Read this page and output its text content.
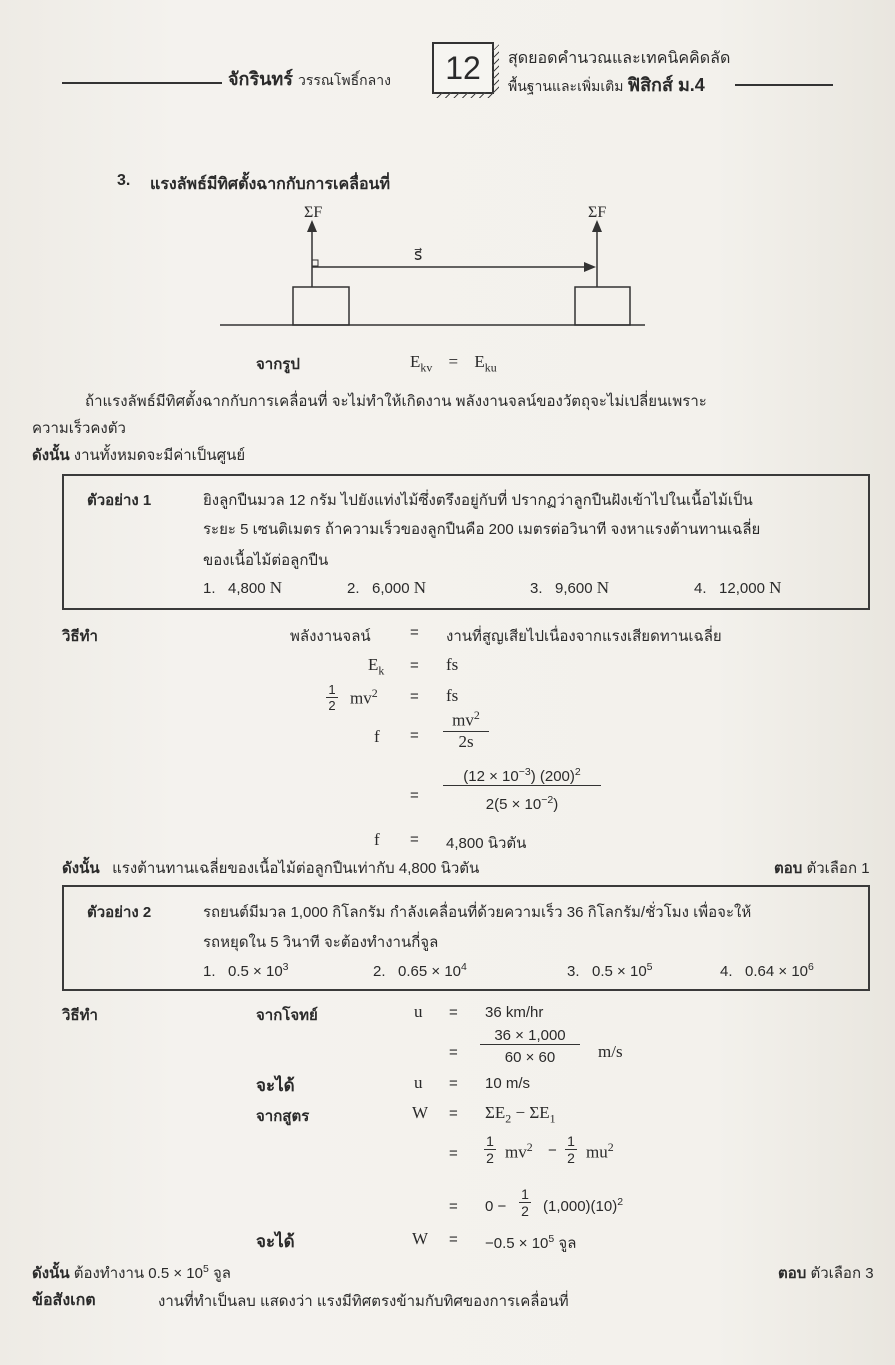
จักรินทร์ วรรณโพธิ์กลาง	12	สุดยอดคำนวณและเทคนิคคิดลัด
พื้นฐานและเพิ่มเติม ฟิสิกส์ ม.4
3. แรงลัพธ์มีทิศตั้งฉากกับการเคลื่อนที่
ΣF	ΣF
s⃗
จากรูป	$E_{kv} = E_{ku}$
ถ้าแรงลัพธ์มีทิศตั้งฉากกับการเคลื่อนที่ จะไม่ทำให้เกิดงาน พลังงานจลน์ของวัตถุจะไม่เปลี่ยนเพราะ
ความเร็วคงตัว
ดังนั้น งานทั้งหมดจะมีค่าเป็นศูนย์
ตัวอย่าง 1	ยิงลูกปืนมวล 12 กรัม ไปยังแท่งไม้ซึ่งตรึงอยู่กับที่ ปรากฏว่าลูกปืนฝังเข้าไปในเนื้อไม้เป็น
ระยะ 5 เซนติเมตร ถ้าความเร็วของลูกปืนคือ 200 เมตรต่อวินาที จงหาแรงต้านทานเฉลี่ย
ของเนื้อไม้ต่อลูกปืน
1. 4,800 N	2. 6,000 N	3. 9,600 N	4. 12,000 N
วิธีทำ	พลังงานจลน์	= งานที่สูญเสียไปเนื่องจากแรงเสียดทานเฉลี่ย
$E_k$ = fs
$\frac{1}{2} mv^2$ = fs
$f = \frac{mv^2}{2s}$
= $\frac{(12 \times 10^{-3}) (200)^2}{2(5 \times 10^{-2})}$
f = 4,800 นิวตัน
ดังนั้น แรงต้านทานเฉลี่ยของเนื้อไม้ต่อลูกปืนเท่ากับ 4,800 นิวตัน	ตอบ ตัวเลือก 1
ตัวอย่าง 2	รถยนต์มีมวล 1,000 กิโลกรัม กำลังเคลื่อนที่ด้วยความเร็ว 36 กิโลกรัม/ชั่วโมง เพื่อจะให้
รถหยุดใน 5 วินาที จะต้องทำงานกี่จูล
1. $0.5 \times 10^3$	2. $0.65 \times 10^4$	3. $0.5 \times 10^5$	4. $0.64 \times 10^6$
วิธีทำ	จากโจทย์	u = 36 km/hr
= $\frac{36 \times 1,000}{60 \times 60} m/s$
จะได้	u = 10 m/s
จากสูตร	$W = \Sigma E_2 - \Sigma E_1$
= $\frac{1}{2} mv^2 - \frac{1}{2} mu^2$
= $0 - \frac{1}{2} (1,000)(10)^2$
จะได้	$W = -0.5 \times 10^5$ จูล
ดังนั้น ต้องทำงาน $0.5 \times 10^5$ จูล	ตอบ ตัวเลือก 3
ข้อสังเกต	งานที่ทำเป็นลบ แสดงว่า แรงมีทิศตรงข้ามกับทิศของการเคลื่อนที่
